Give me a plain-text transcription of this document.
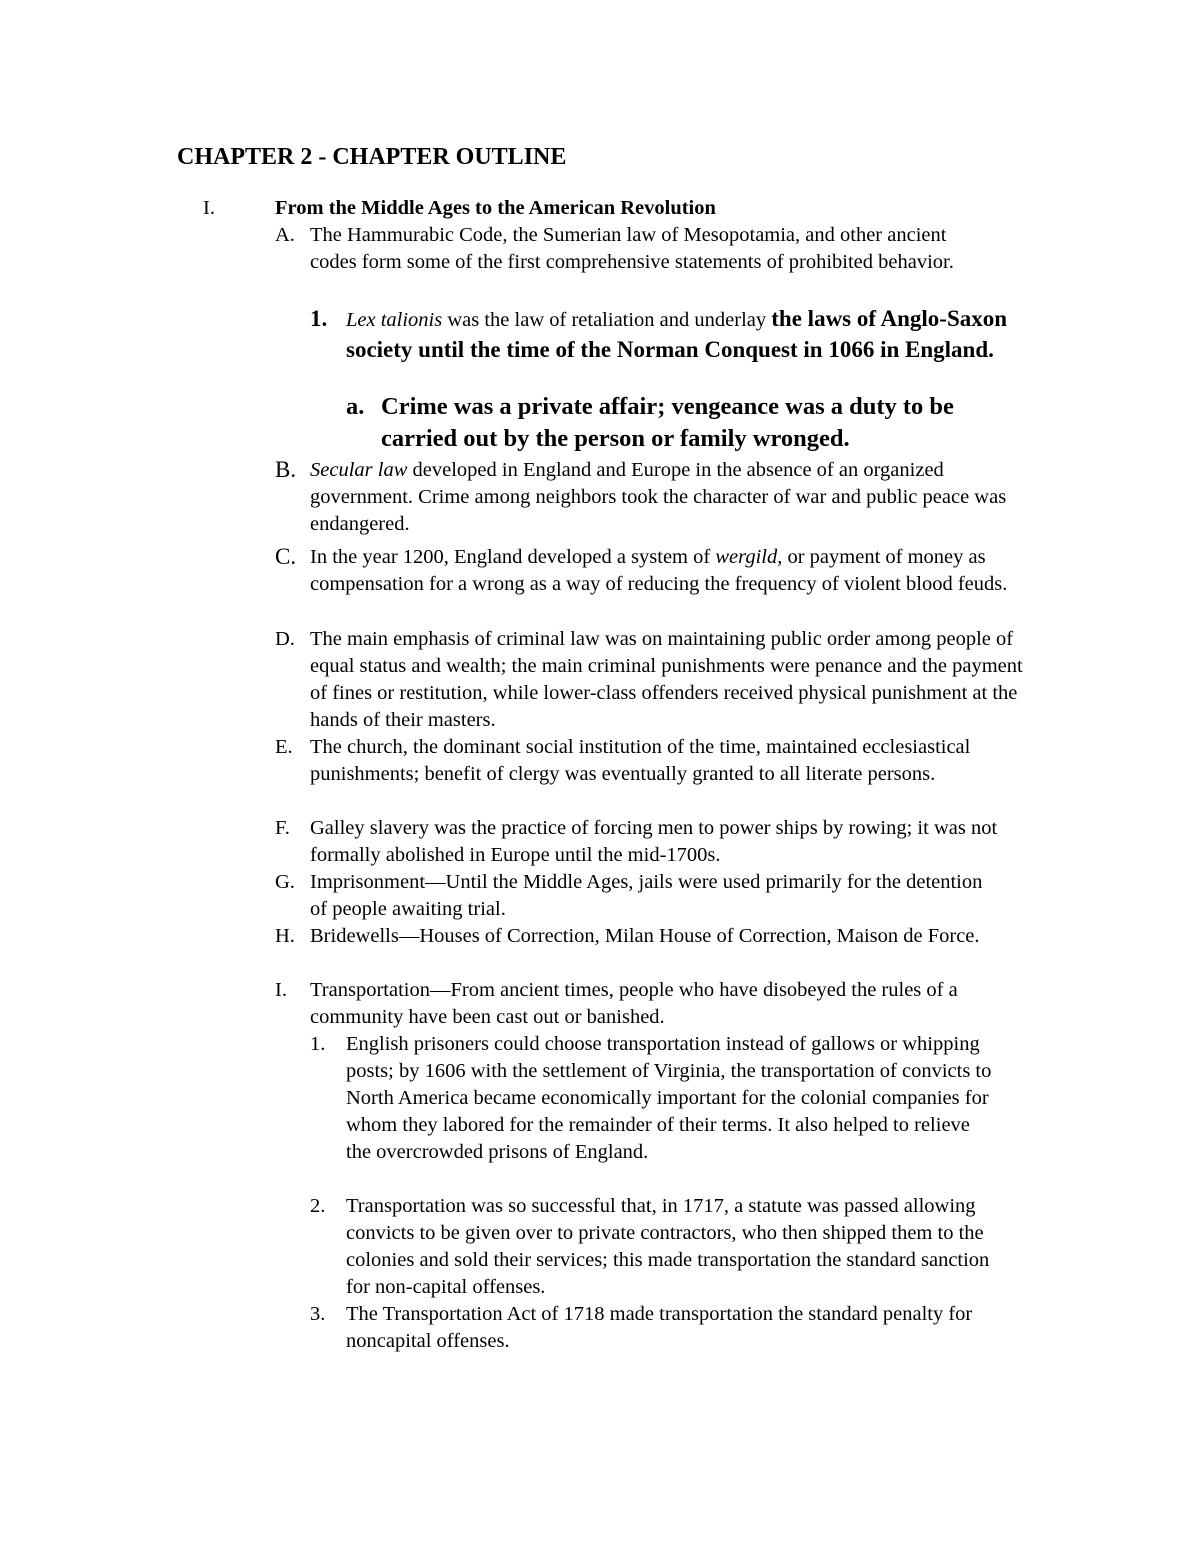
CHAPTER 2 - CHAPTER OUTLINE
I.	From the Middle Ages to the American Revolution
A. The Hammurabic Code, the Sumerian law of Mesopotamia, and other ancient codes form some of the first comprehensive statements of prohibited behavior.
1. Lex talionis was the law of retaliation and underlay the laws of Anglo-Saxon society until the time of the Norman Conquest in 1066 in England.
a. Crime was a private affair; vengeance was a duty to be carried out by the person or family wronged.
B. Secular law developed in England and Europe in the absence of an organized government. Crime among neighbors took the character of war and public peace was endangered.
C. In the year 1200, England developed a system of wergild, or payment of money as compensation for a wrong as a way of reducing the frequency of violent blood feuds.
D. The main emphasis of criminal law was on maintaining public order among people of equal status and wealth; the main criminal punishments were penance and the payment of fines or restitution, while lower-class offenders received physical punishment at the hands of their masters.
E. The church, the dominant social institution of the time, maintained ecclesiastical punishments; benefit of clergy was eventually granted to all literate persons.
F. Galley slavery was the practice of forcing men to power ships by rowing; it was not formally abolished in Europe until the mid-1700s.
G. Imprisonment—Until the Middle Ages, jails were used primarily for the detention of people awaiting trial.
H. Bridewells—Houses of Correction, Milan House of Correction, Maison de Force.
I. Transportation—From ancient times, people who have disobeyed the rules of a community have been cast out or banished.
1. English prisoners could choose transportation instead of gallows or whipping posts; by 1606 with the settlement of Virginia, the transportation of convicts to North America became economically important for the colonial companies for whom they labored for the remainder of their terms. It also helped to relieve the overcrowded prisons of England.
2. Transportation was so successful that, in 1717, a statute was passed allowing convicts to be given over to private contractors, who then shipped them to the colonies and sold their services; this made transportation the standard sanction for non-capital offenses.
3. The Transportation Act of 1718 made transportation the standard penalty for noncapital offenses.
